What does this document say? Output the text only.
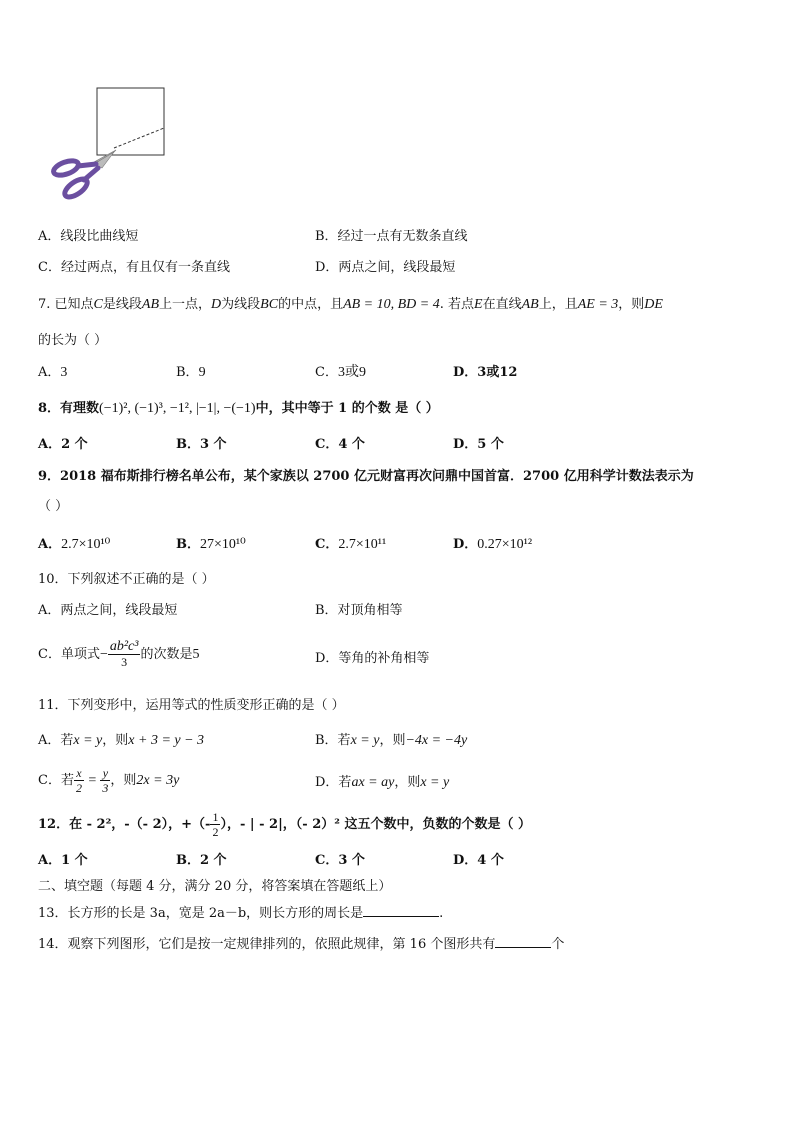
A．线段比曲线短	B．经过一点有无数条直线
C．经过两点，有且仅有一条直线	D．两点之间，线段最短
7. 已知点C是线段AB上一点，D为线段BC的中点，且AB = 10, BD = 4. 若点E在直线AB上，且AE = 3，则DE
的长为（ ）
A．3	B．9	C．3或9	D．3或12
8．有理数(−1)², (−1)³, −1², |−1|, −(−1)中，其中等于 1 的个数 是（ ）
A．2 个	B．3 个	C．4 个	D．5 个
9．2018 福布斯排行榜名单公布，某个家族以 2700 亿元财富再次问鼎中国首富．2700 亿用科学计数法表示为
（ ）
A．2.7×10¹⁰	B．27×10¹⁰	C．2.7×10¹¹	D．0.27×10¹²
10．下列叙述不正确的是（ ）
A．两点之间，线段最短	B．对顶角相等
C．单项式− $\frac{\text{ab²c³}}{3}$ 的次数是5	D．等角的补角相等
11．下列变形中，运用等式的性质变形正确的是（ ）
A．若x = y，则x + 3 = y − 3	B．若x = y，则−4x = −4y
C．若 $\frac{x}{2} = \frac{y}{3}$ ，则2x = 3y	D．若ax = ay，则x = y
12．在 - 2²，-（- 2），+（- $\frac{1}{2}$ ），- | - 2|，（- 2）² 这五个数中，负数的个数是（ ）
A．1 个	B．2 个	C．3 个	D．4 个
二、填空题（每题 4 分，满分 20 分，将答案填在答题纸上）
13．长方形的长是 3a，宽是 2a－b，则长方形的周长是	.
14．观察下列图形，它们是按一定规律排列的，依照此规律，第 16 个图形共有	个
